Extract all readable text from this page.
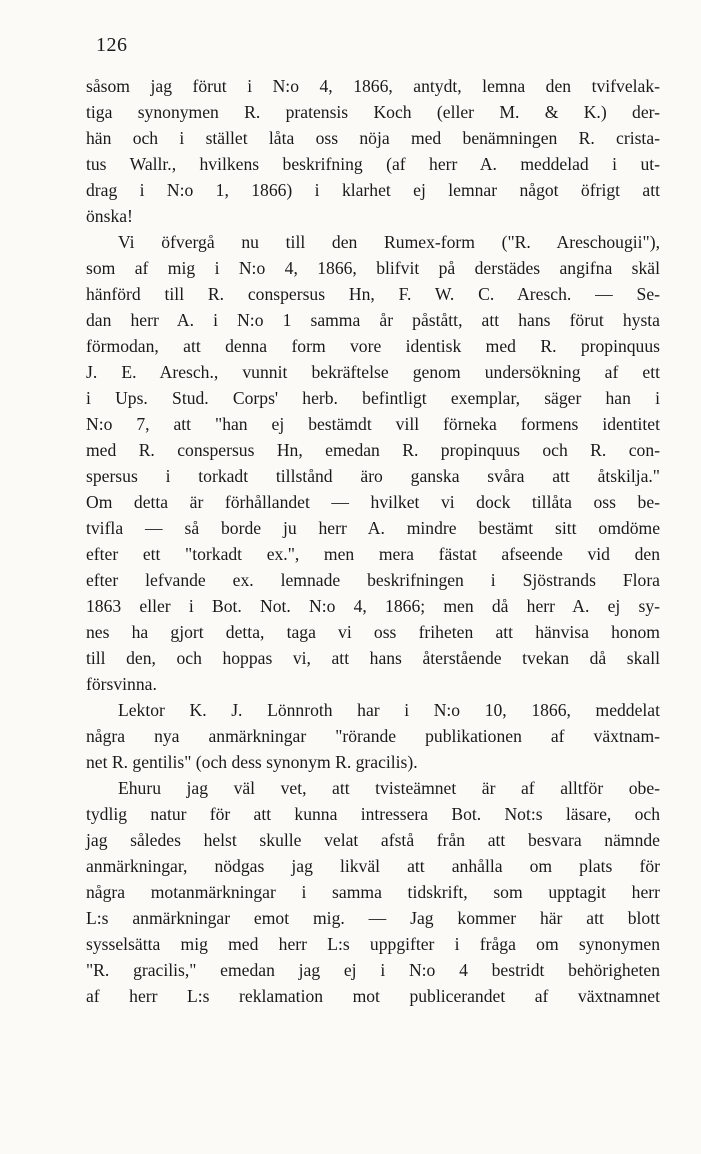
126
såsom jag förut i N:o 4, 1866, antydt, lemna den tvifvelak-
tiga synonymen R. pratensis Koch (eller M. & K.) der-
hän och i stället låta oss nöja med benämningen R. cristа-
tus Wallr., hvilkens beskrifning (af herr A. meddelad i ut-
drag i N:o 1, 1866) i klarhet ej lemnar något öfrigt att
önska!
Vi öfvergå nu till den Rumex-form ("R. Areschougii"),
som af mig i N:o 4, 1866, blifvit på derstädes angifna skäl
hänförd till R. conspersus Hn, F. W. C. Aresch. — Se-
dan herr A. i N:o 1 samma år påstått, att hans förut hysta
förmodan, att denna form vore identisk med R. propinquus
J. E. Aresch., vunnit bekräftelse genom undersökning af ett
i Ups. Stud. Corps' herb. befintligt exemplar, säger han i
N:o 7, att "han ej bestämdt vill förneka formens identitet
med R. conspersus Hn, emedan R. propinquus och R. con-
spersus i torkadt tillstånd äro ganska svåra att åtskilja."
Om detta är förhållandet — hvilket vi dock tillåta oss be-
tvifla — så borde ju herr A. mindre bestämt sitt omdöme
efter ett "torkadt ex.", men mera fästat afseende vid den
efter lefvande ex. lemnade beskrifningen i Sjöstrands Flora
1863 eller i Bot. Not. N:o 4, 1866; men då herr A. ej sy-
nes ha gjort detta, taga vi oss friheten att hänvisa honom
till den, och hoppas vi, att hans återstående tvekan då skall
försvinna.
Lektor K. J. Lönnroth har i N:o 10, 1866, meddelat
några nya anmärkningar "rörande publikationen af växtnam-
net R. gentilis" (och dess synonym R. gracilis).
Ehuru jag väl vet, att tvisteämnet är af alltför obe-
tydlig natur för att kunna intressera Bot. Not:s läsare, och
jag således helst skulle velat afstå från att besvara nämnde
anmärkningar, nödgas jag likväl att anhålla om plats för
några motanmärkningar i samma tidskrift, som upptagit herr
L:s anmärkningar emot mig. — Jag kommer här att blott
sysselsätta mig med herr L:s uppgifter i fråga om synonymen
"R. gracilis," emedan jag ej i N:o 4 bestridt behörigheten
af herr L:s reklamation mot publicerandet af växtnamnet
